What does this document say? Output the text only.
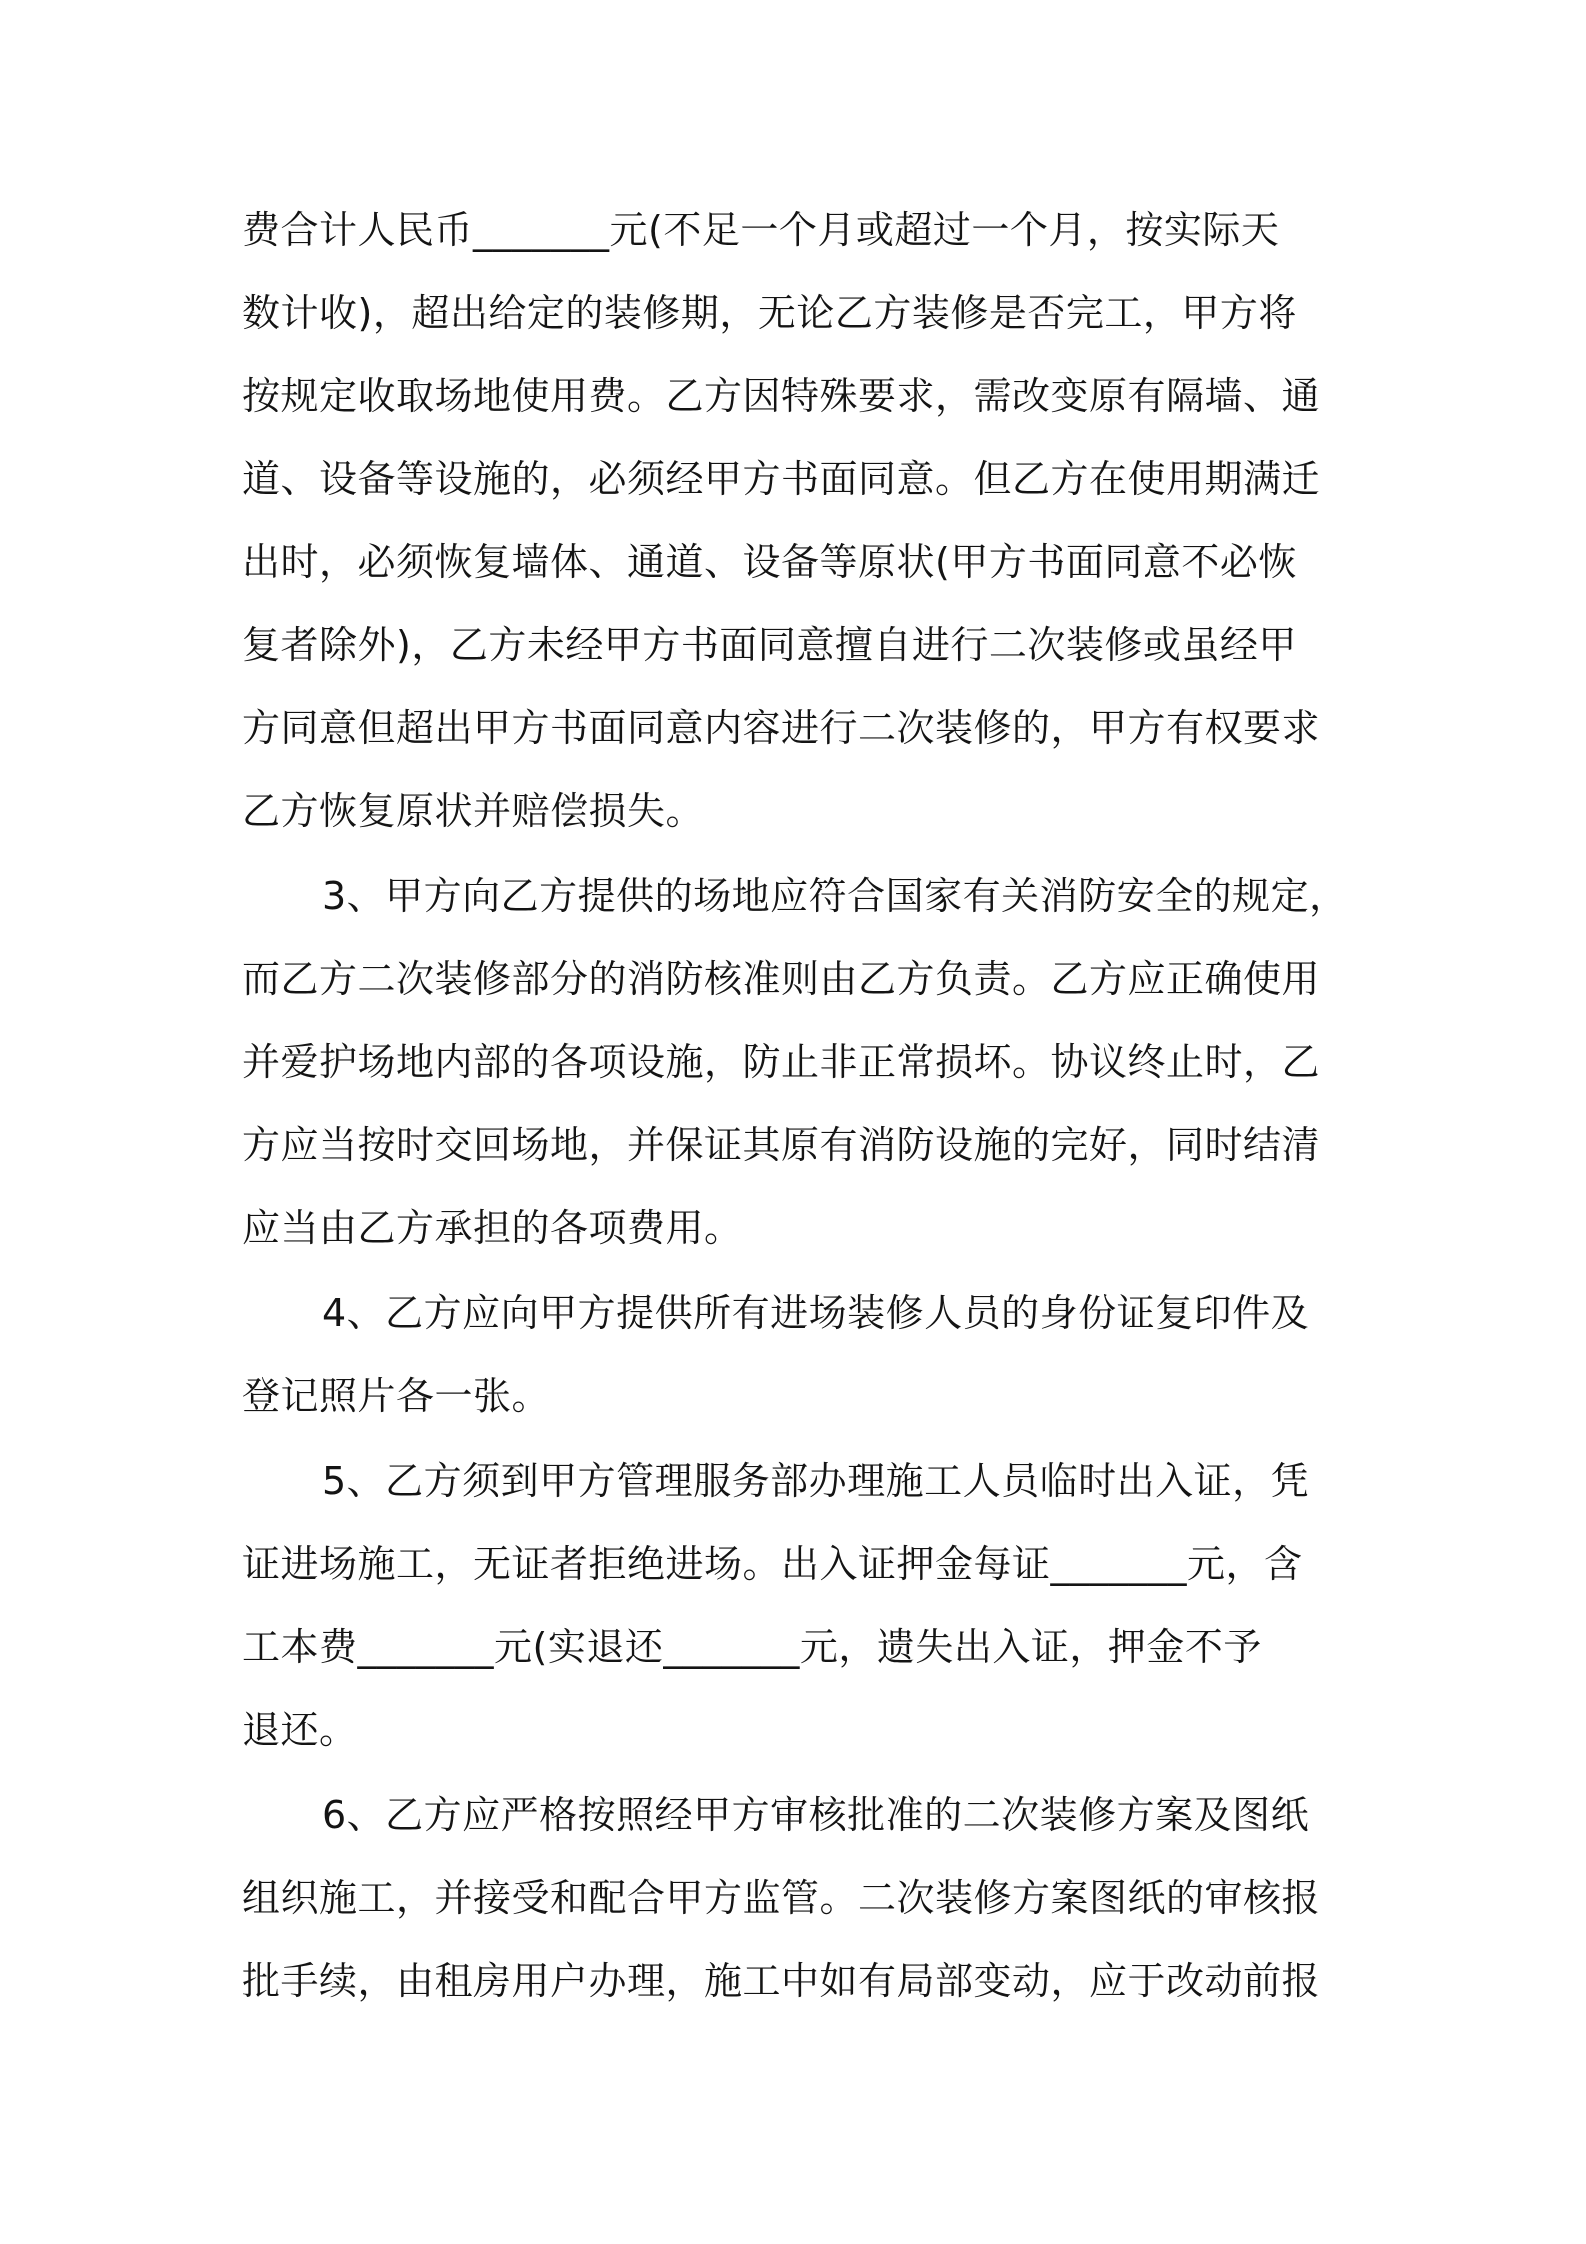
费合计人民币_______元(不足一个月或超过一个月，按实际天
数计收)，超出给定的装修期，无论乙方装修是否完工，甲方将
按规定收取场地使用费。乙方因特殊要求，需改变原有隔墙、通
道、设备等设施的，必须经甲方书面同意。但乙方在使用期满迁
出时，必须恢复墙体、通道、设备等原状(甲方书面同意不必恢
复者除外)，乙方未经甲方书面同意擅自进行二次装修或虽经甲
方同意但超出甲方书面同意内容进行二次装修的，甲方有权要求
乙方恢复原状并赔偿损失。
3、甲方向乙方提供的场地应符合国家有关消防安全的规定，
而乙方二次装修部分的消防核准则由乙方负责。乙方应正确使用
并爱护场地内部的各项设施，防止非正常损坏。协议终止时，乙
方应当按时交回场地，并保证其原有消防设施的完好，同时结清
应当由乙方承担的各项费用。
4、乙方应向甲方提供所有进场装修人员的身份证复印件及
登记照片各一张。
5、乙方须到甲方管理服务部办理施工人员临时出入证，凭
证进场施工，无证者拒绝进场。出入证押金每证_______元，含
工本费_______元(实退还_______元，遗失出入证，押金不予
退还。
6、乙方应严格按照经甲方审核批准的二次装修方案及图纸
组织施工，并接受和配合甲方监管。二次装修方案图纸的审核报
批手续，由租房用户办理，施工中如有局部变动，应于改动前报
